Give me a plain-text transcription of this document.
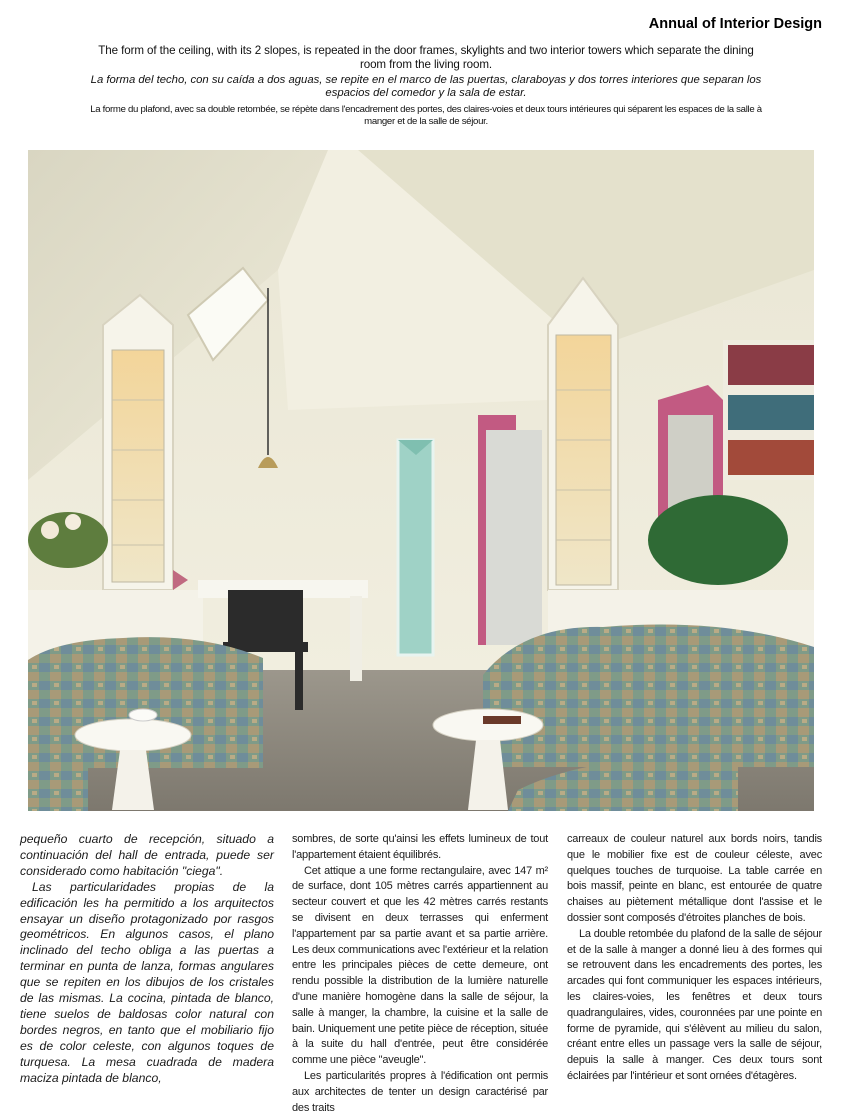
Annual of Interior Design
The form of the ceiling, with its 2 slopes, is repeated in the door frames, skylights and two interior towers which separate the dining room from the living room.
La forma del techo, con su caída a dos aguas, se repite en el marco de las puertas, claraboyas y dos torres interiores que separan los espacios del comedor y la sala de estar.
La forme du plafond, avec sa double retombée, se répète dans l'encadrement des portes, des claires-voies et deux tours intérieures qui séparent les espaces de la salle à manger et de la salle de séjour.

pequeño cuarto de recepción, situado a continuación del hall de entrada, puede ser considerado como habitación "ciega".

Las particularidades propias de la edificación les ha permitido a los arquitectos ensayar un diseño protagonizado por rasgos geométricos. En algunos casos, el plano inclinado del techo obliga a las puertas a terminar en punta de lanza, formas angulares que se repiten en los dibujos de los cristales de las mismas. La cocina, pintada de blanco, tiene suelos de baldosas color natural con bordes negros, en tanto que el mobiliario fijo es de color celeste, con algunos toques de turquesa. La mesa cuadrada de madera maciza pintada de blanco,

sombres, de sorte qu'ainsi les effets lumineux de tout l'appartement étaient équilibrés.

Cet attique a une forme rectangulaire, avec 147 m² de surface, dont 105 mètres carrés appartiennent au secteur couvert et que les 42 mètres carrés restants se divisent en deux terrasses qui enferment l'appartement par sa partie avant et sa partie arrière. Les deux communications avec l'extérieur et la relation entre les principales pièces de cette demeure, ont rendu possible la distribution de la lumière naturelle d'une manière homogène dans la salle de séjour, la salle à manger, la chambre, la cuisine et la salle de bain. Uniquement une petite pièce de réception, située à la suite du hall d'entrée, peut être considérée comme une pièce "aveugle".

Les particularités propres à l'édification ont permis aux architectes de tenter un design caractérisé par des traits

carreaux de couleur naturel aux bords noirs, tandis que le mobilier fixe est de couleur céleste, avec quelques touches de turquoise. La table carrée en bois massif, peinte en blanc, est entourée de quatre chaises au piètement métallique dont l'assise et le dossier sont composés d'étroites planches de bois.

La double retombée du plafond de la salle de séjour et de la salle à manger a donné lieu à des formes qui se retrouvent dans les encadrements des portes, les arcades qui font communiquer les espaces intérieurs, les claires-voies, les fenêtres et deux tours quadrangulaires, vides, couronnées par une pointe en forme de pyramide, qui s'élèvent au milieu du salon, créant entre elles un passage vers la salle de séjour, depuis la salle à manger. Ces deux tours sont éclairées par l'intérieur et sont ornées d'étagères.
